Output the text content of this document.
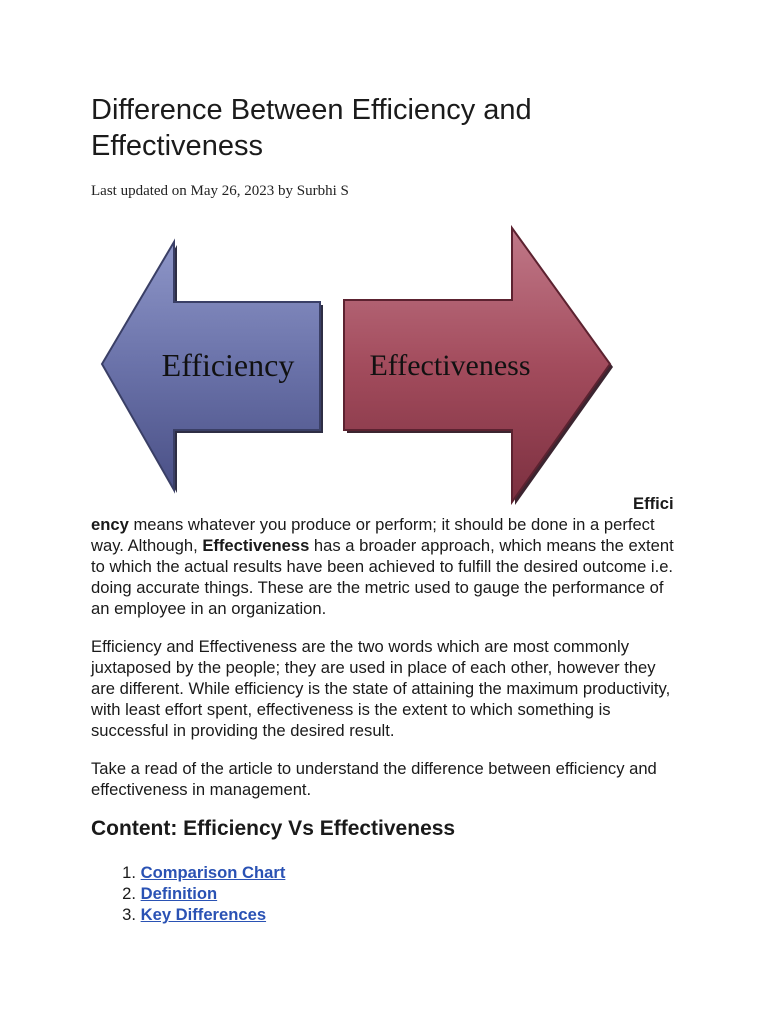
Difference Between Efficiency and Effectiveness
Last updated on May 26, 2023 by Surbhi S
Efficiency	Effectiveness
Effici

ency means whatever you produce or perform; it should be done in a perfect way. Although, Effectiveness has a broader approach, which means the extent to which the actual results have been achieved to fulfill the desired outcome i.e. doing accurate things. These are the metric used to gauge the performance of an employee in an organization.

Efficiency and Effectiveness are the two words which are most commonly juxtaposed by the people; they are used in place of each other, however they are different. While efficiency is the state of attaining the maximum productivity, with least effort spent, effectiveness is the extent to which something is successful in providing the desired result.

Take a read of the article to understand the difference between efficiency and effectiveness in management.

Content: Efficiency Vs Effectiveness
1. Comparison Chart
2. Definition
3. Key Differences
